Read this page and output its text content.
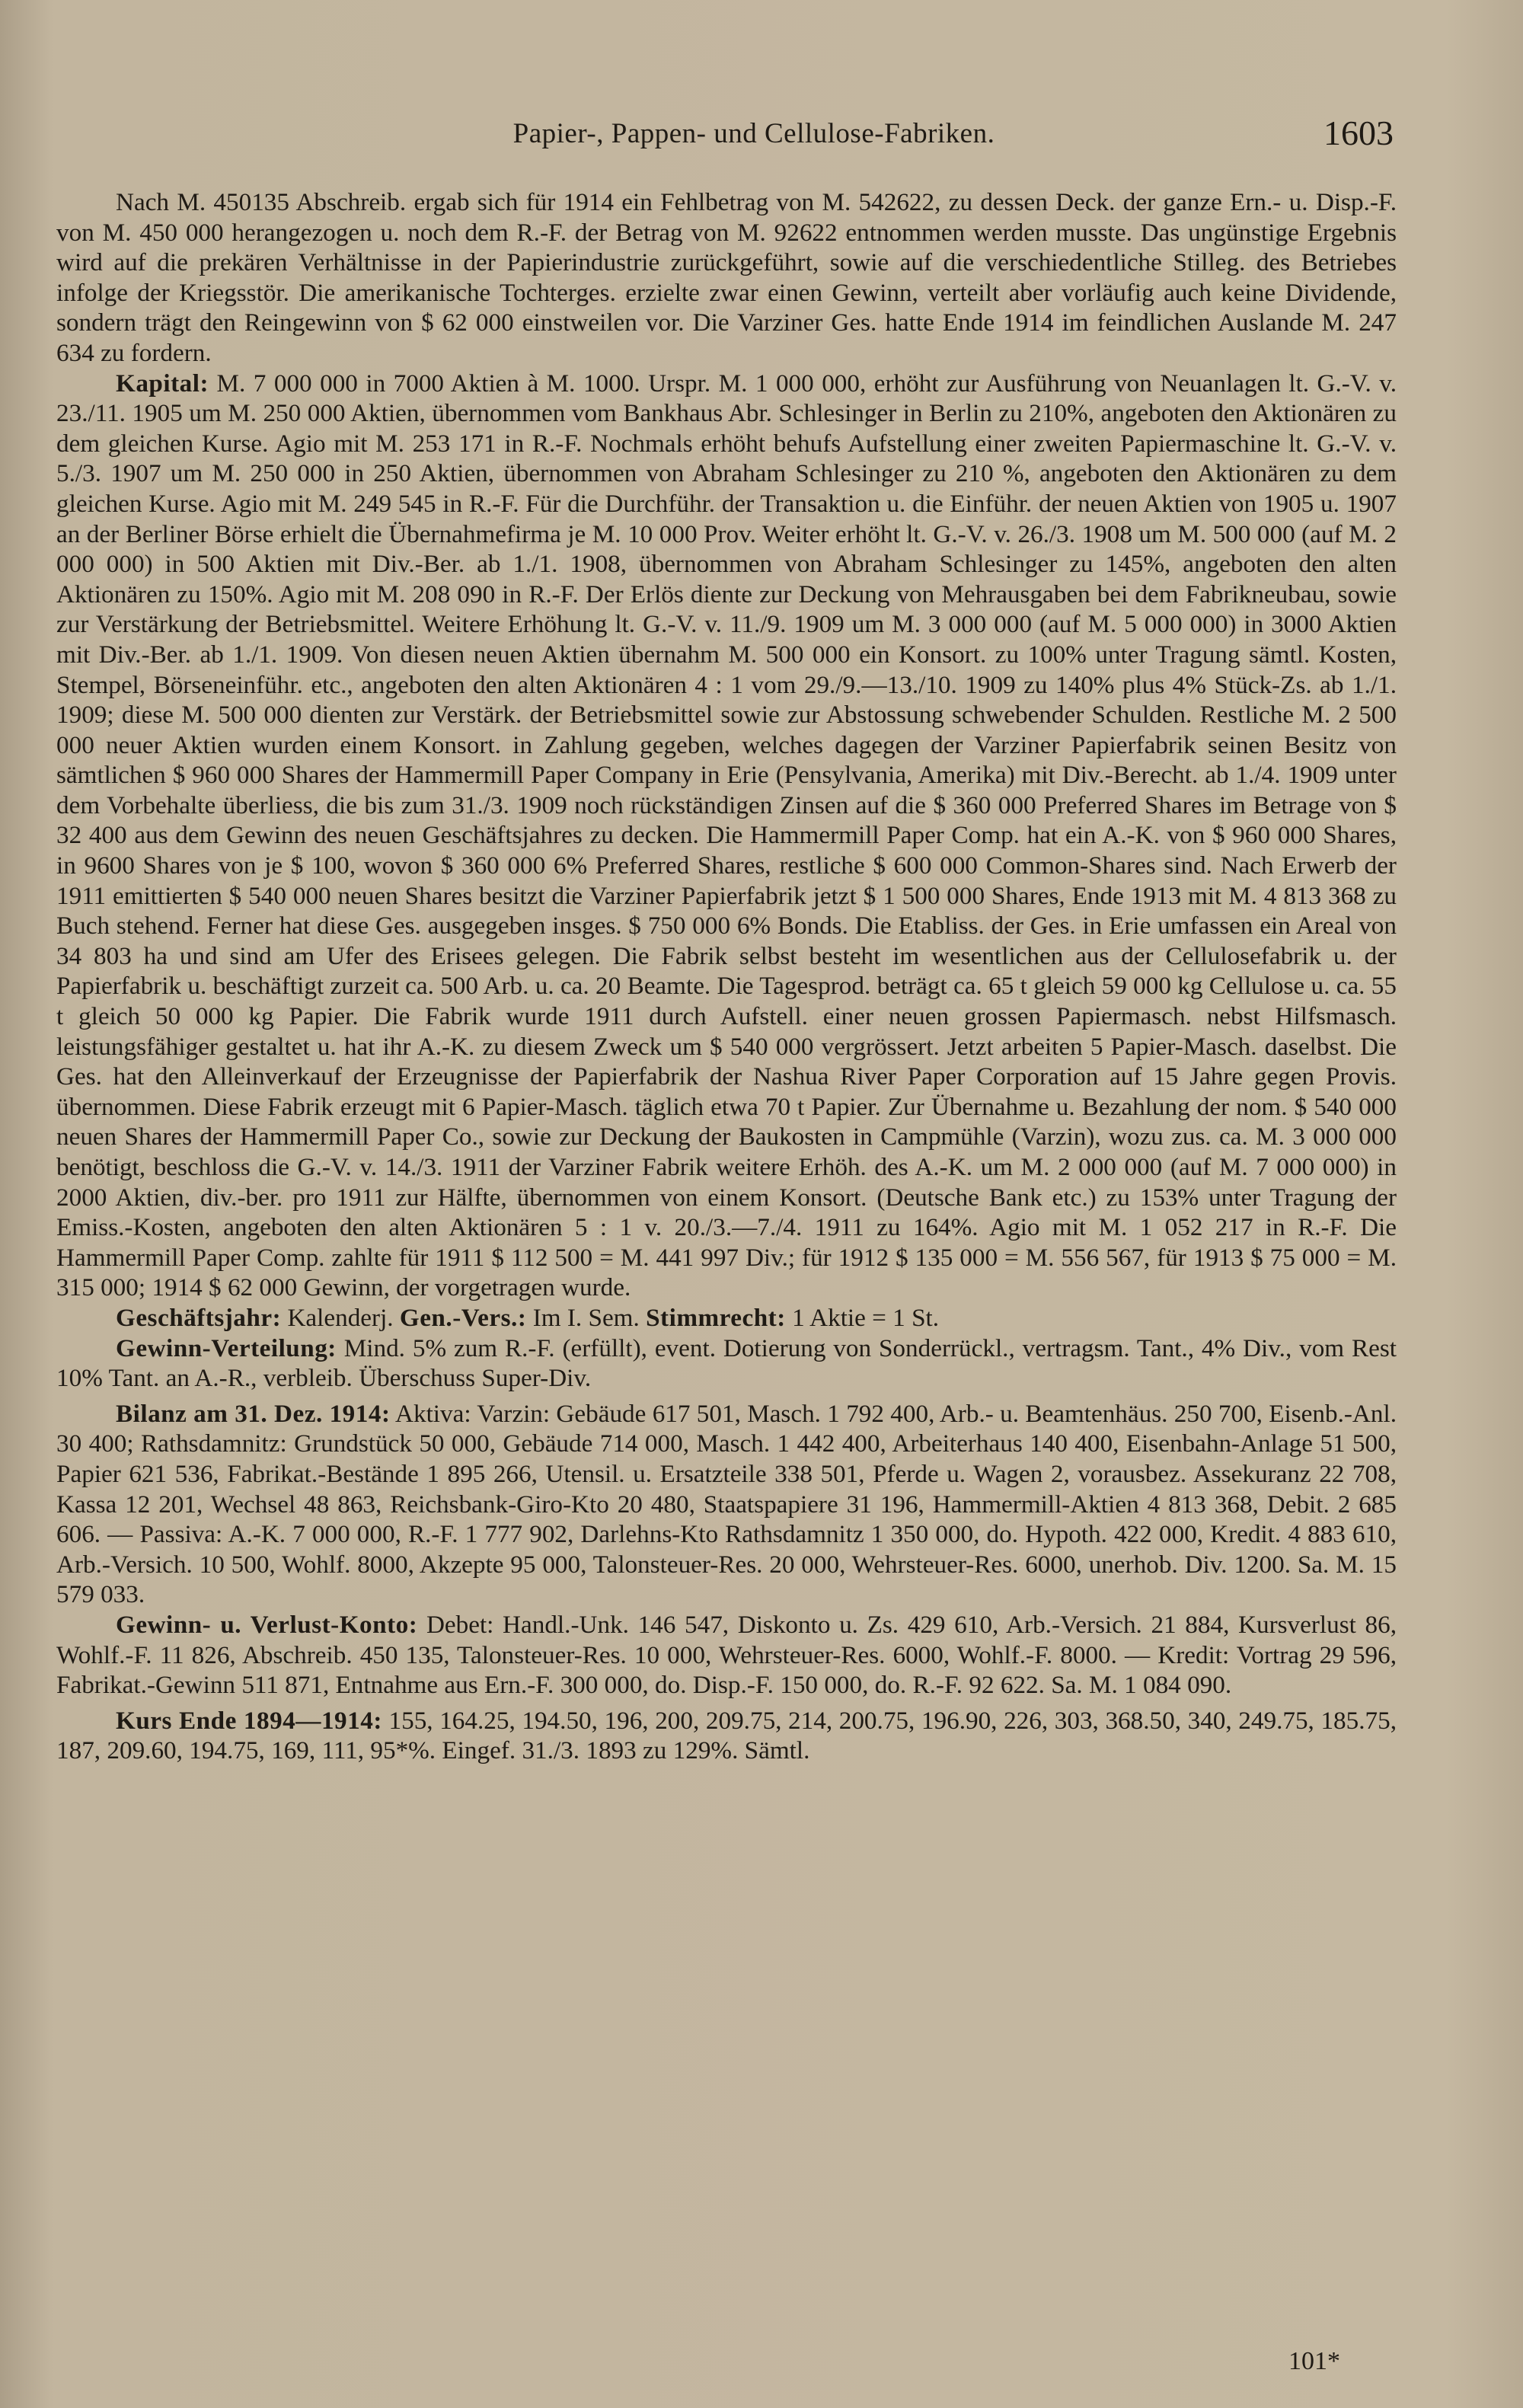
Papier-, Pappen- und Cellulose-Fabriken.	1603

Nach M. 450135 Abschreib. ergab sich für 1914 ein Fehlbetrag von M. 542622, zu dessen Deck. der ganze Ern.- u. Disp.-F. von M. 450 000 herangezogen u. noch dem R.-F. der Betrag von M. 92622 entnommen werden musste. Das ungünstige Ergebnis wird auf die prekären Verhältnisse in der Papierindustrie zurückgeführt, sowie auf die verschiedentliche Stilleg. des Betriebes infolge der Kriegsstör. Die amerikanische Tochterges. erzielte zwar einen Gewinn, verteilt aber vorläufig auch keine Dividende, sondern trägt den Reingewinn von $ 62 000 einstweilen vor. Die Varziner Ges. hatte Ende 1914 im feindlichen Auslande M. 247 634 zu fordern.

Kapital: M. 7 000 000 in 7000 Aktien à M. 1000. Urspr. M. 1 000 000, erhöht zur Ausführung von Neuanlagen lt. G.-V. v. 23./11. 1905 um M. 250 000 Aktien, übernommen vom Bankhaus Abr. Schlesinger in Berlin zu 210%, angeboten den Aktionären zu dem gleichen Kurse. Agio mit M. 253 171 in R.-F. Nochmals erhöht behufs Aufstellung einer zweiten Papiermaschine lt. G.-V. v. 5./3. 1907 um M. 250 000 in 250 Aktien, übernommen von Abraham Schlesinger zu 210 %, angeboten den Aktionären zu dem gleichen Kurse. Agio mit M. 249 545 in R.-F. Für die Durchführ. der Transaktion u. die Einführ. der neuen Aktien von 1905 u. 1907 an der Berliner Börse erhielt die Übernahmefirma je M. 10 000 Prov. Weiter erhöht lt. G.-V. v. 26./3. 1908 um M. 500 000 (auf M. 2 000 000) in 500 Aktien mit Div.-Ber. ab 1./1. 1908, übernommen von Abraham Schlesinger zu 145%, angeboten den alten Aktionären zu 150%. Agio mit M. 208 090 in R.-F. Der Erlös diente zur Deckung von Mehrausgaben bei dem Fabrikneubau, sowie zur Verstärkung der Betriebsmittel. Weitere Erhöhung lt. G.-V. v. 11./9. 1909 um M. 3 000 000 (auf M. 5 000 000) in 3000 Aktien mit Div.-Ber. ab 1./1. 1909. Von diesen neuen Aktien übernahm M. 500 000 ein Konsort. zu 100% unter Tragung sämtl. Kosten, Stempel, Börseneinführ. etc., angeboten den alten Aktionären 4 : 1 vom 29./9.—13./10. 1909 zu 140% plus 4% Stück-Zs. ab 1./1. 1909; diese M. 500 000 dienten zur Verstärk. der Betriebsmittel sowie zur Abstossung schwebender Schulden. Restliche M. 2 500 000 neuer Aktien wurden einem Konsort. in Zahlung gegeben, welches dagegen der Varziner Papierfabrik seinen Besitz von sämtlichen $ 960 000 Shares der Hammermill Paper Company in Erie (Pensylvania, Amerika) mit Div.-Berecht. ab 1./4. 1909 unter dem Vorbehalte überliess, die bis zum 31./3. 1909 noch rückständigen Zinsen auf die $ 360 000 Preferred Shares im Betrage von $ 32 400 aus dem Gewinn des neuen Geschäftsjahres zu decken. Die Hammermill Paper Comp. hat ein A.-K. von $ 960 000 Shares, in 9600 Shares von je $ 100, wovon $ 360 000 6% Preferred Shares, restliche $ 600 000 Common-Shares sind. Nach Erwerb der 1911 emittierten $ 540 000 neuen Shares besitzt die Varziner Papierfabrik jetzt $ 1 500 000 Shares, Ende 1913 mit M. 4 813 368 zu Buch stehend. Ferner hat diese Ges. ausgegeben insges. $ 750 000 6% Bonds. Die Etabliss. der Ges. in Erie umfassen ein Areal von 34 803 ha und sind am Ufer des Erisees gelegen. Die Fabrik selbst besteht im wesentlichen aus der Cellulosefabrik u. der Papierfabrik u. beschäftigt zurzeit ca. 500 Arb. u. ca. 20 Beamte. Die Tagesprod. beträgt ca. 65 t gleich 59 000 kg Cellulose u. ca. 55 t gleich 50 000 kg Papier. Die Fabrik wurde 1911 durch Aufstell. einer neuen grossen Papiermasch. nebst Hilfsmasch. leistungsfähiger gestaltet u. hat ihr A.-K. zu diesem Zweck um $ 540 000 vergrössert. Jetzt arbeiten 5 Papier-Masch. daselbst. Die Ges. hat den Alleinverkauf der Erzeugnisse der Papierfabrik der Nashua River Paper Corporation auf 15 Jahre gegen Provis. übernommen. Diese Fabrik erzeugt mit 6 Papier-Masch. täglich etwa 70 t Papier. Zur Übernahme u. Bezahlung der nom. $ 540 000 neuen Shares der Hammermill Paper Co., sowie zur Deckung der Baukosten in Campmühle (Varzin), wozu zus. ca. M. 3 000 000 benötigt, beschloss die G.-V. v. 14./3. 1911 der Varziner Fabrik weitere Erhöh. des A.-K. um M. 2 000 000 (auf M. 7 000 000) in 2000 Aktien, div.-ber. pro 1911 zur Hälfte, übernommen von einem Konsort. (Deutsche Bank etc.) zu 153% unter Tragung der Emiss.-Kosten, angeboten den alten Aktionären 5 : 1 v. 20./3.—7./4. 1911 zu 164%. Agio mit M. 1 052 217 in R.-F. Die Hammermill Paper Comp. zahlte für 1911 $ 112 500 = M. 441 997 Div.; für 1912 $ 135 000 = M. 556 567, für 1913 $ 75 000 = M. 315 000; 1914 $ 62 000 Gewinn, der vorgetragen wurde.

Geschäftsjahr: Kalenderj. Gen.-Vers.: Im I. Sem. Stimmrecht: 1 Aktie = 1 St.

Gewinn-Verteilung: Mind. 5% zum R.-F. (erfüllt), event. Dotierung von Sonderrückl., vertragsm. Tant., 4% Div., vom Rest 10% Tant. an A.-R., verbleib. Überschuss Super-Div.

Bilanz am 31. Dez. 1914: Aktiva: Varzin: Gebäude 617 501, Masch. 1 792 400, Arb.- u. Beamtenhäus. 250 700, Eisenb.-Anl. 30 400; Rathsdamnitz: Grundstück 50 000, Gebäude 714 000, Masch. 1 442 400, Arbeiterhaus 140 400, Eisenbahn-Anlage 51 500, Papier 621 536, Fabrikat.-Bestände 1 895 266, Utensil. u. Ersatzteile 338 501, Pferde u. Wagen 2, vorausbez. Assekuranz 22 708, Kassa 12 201, Wechsel 48 863, Reichsbank-Giro-Kto 20 480, Staatspapiere 31 196, Hammermill-Aktien 4 813 368, Debit. 2 685 606. — Passiva: A.-K. 7 000 000, R.-F. 1 777 902, Darlehns-Kto Rathsdamnitz 1 350 000, do. Hypoth. 422 000, Kredit. 4 883 610, Arb.-Versich. 10 500, Wohlf. 8000, Akzepte 95 000, Talonsteuer-Res. 20 000, Wehrsteuer-Res. 6000, unerhob. Div. 1200. Sa. M. 15 579 033.

Gewinn- u. Verlust-Konto: Debet: Handl.-Unk. 146 547, Diskonto u. Zs. 429 610, Arb.-Versich. 21 884, Kursverlust 86, Wohlf.-F. 11 826, Abschreib. 450 135, Talonsteuer-Res. 10 000, Wehrsteuer-Res. 6000, Wohlf.-F. 8000. — Kredit: Vortrag 29 596, Fabrikat.-Gewinn 511 871, Entnahme aus Ern.-F. 300 000, do. Disp.-F. 150 000, do. R.-F. 92 622. Sa. M. 1 084 090.

Kurs Ende 1894—1914: 155, 164.25, 194.50, 196, 200, 209.75, 214, 200.75, 196.90, 226, 303, 368.50, 340, 249.75, 185.75, 187, 209.60, 194.75, 169, 111, 95*%. Eingef. 31./3. 1893 zu 129%. Sämtl.

101*
